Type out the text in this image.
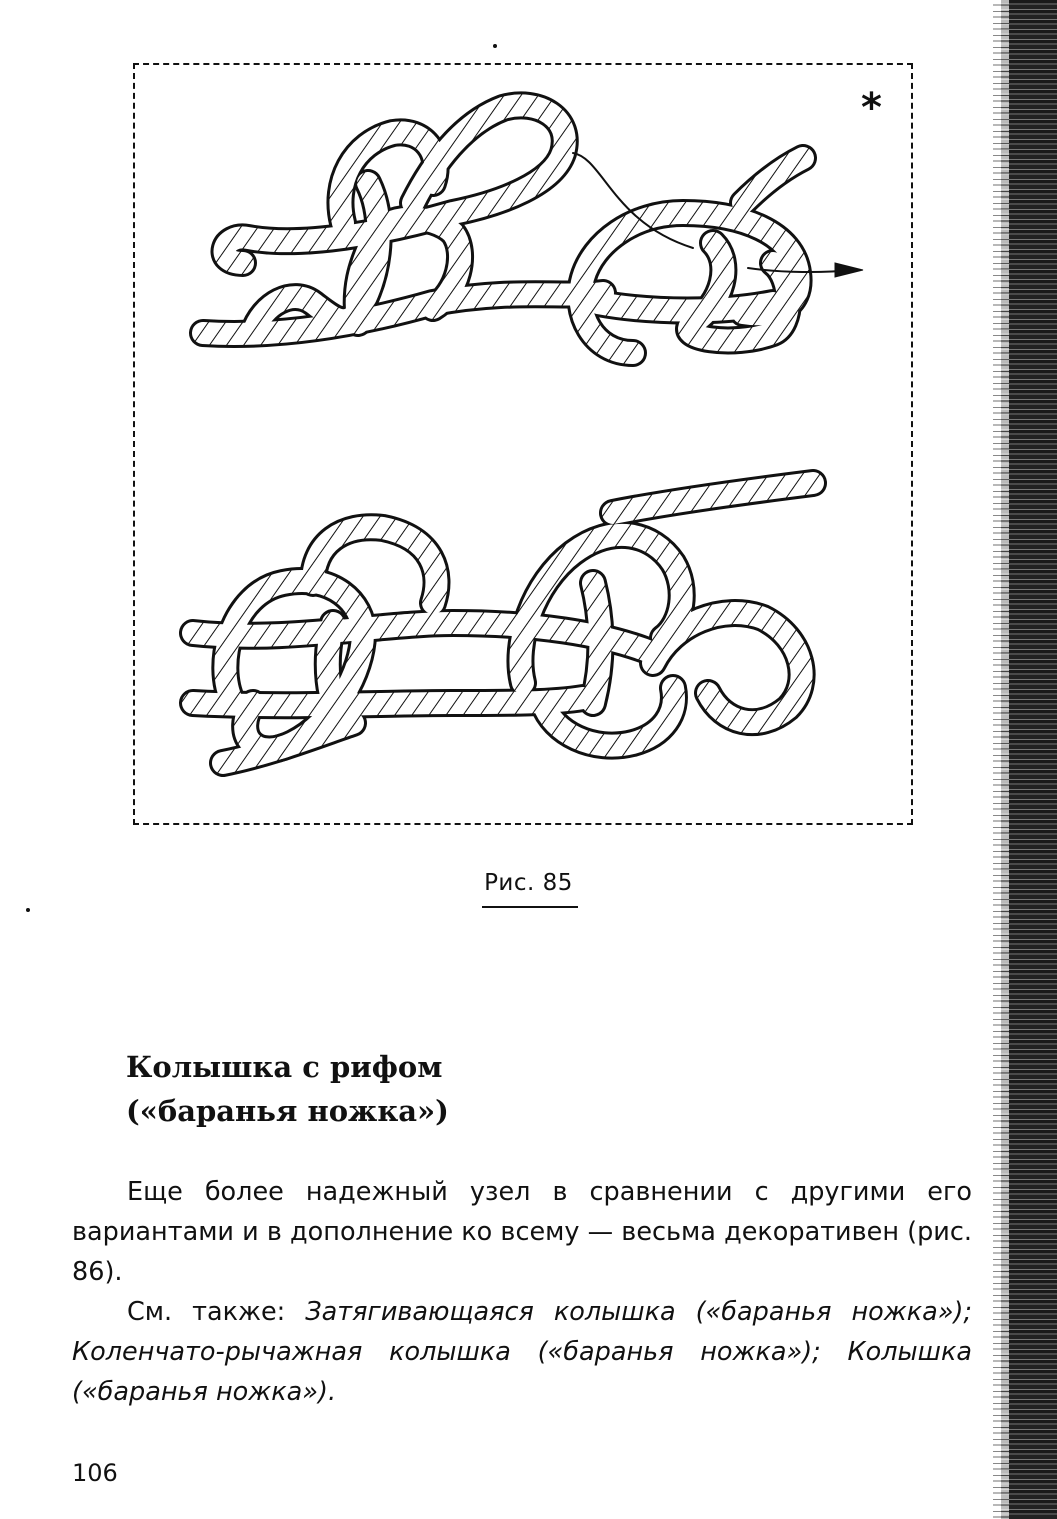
*
Рис. 85
Колышка с рифом
(«баранья ножка»)

Еще более надежный узел в сравнении с другими его вариантами и в дополнение ко всему — весьма декоративен (рис. 86).

См. также: Затягивающаяся колышка («баранья ножка»); Коленчато-рычажная колышка («баранья ножка»); Колышка («баранья ножка»).

106
